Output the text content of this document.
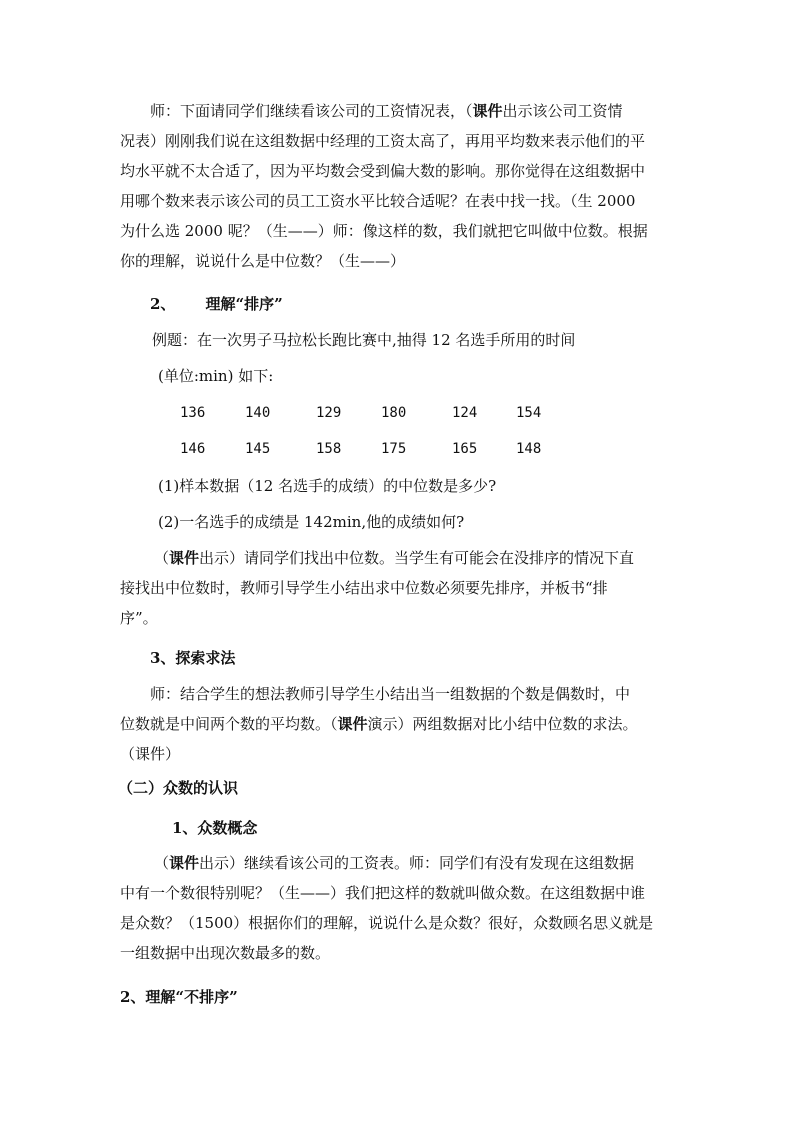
师：下面请同学们继续看该公司的工资情况表，（课件出示该公司工资情
况表）刚刚我们说在这组数据中经理的工资太高了，再用平均数来表示他们的平
均水平就不太合适了，因为平均数会受到偏大数的影响。那你觉得在这组数据中
用哪个数来表示该公司的员工工资水平比较合适呢？在表中找一找。（生 2000
为什么选 2000 呢？（生——）师：像这样的数，我们就把它叫做中位数。根据
你的理解，说说什么是中位数？（生——）
2、 理解“排序”
例题：在一次男子马拉松长跑比赛中,抽得 12 名选手所用的时间
(单位:min) 如下:
136	140	129	180	124	154
146	145	158	175	165	148
(1)样本数据（12 名选手的成绩）的中位数是多少?
(2)一名选手的成绩是 142min,他的成绩如何?
（课件出示）请同学们找出中位数。当学生有可能会在没排序的情况下直
接找出中位数时，教师引导学生小结出求中位数必须要先排序，并板书“排
序”。
3、探索求法
师：结合学生的想法教师引导学生小结出当一组数据的个数是偶数时，中
位数就是中间两个数的平均数。（课件演示）两组数据对比小结中位数的求法。
（课件）
（二）众数的认识
1、众数概念
（课件出示）继续看该公司的工资表。师：同学们有没有发现在这组数据
中有一个数很特别呢？（生——）我们把这样的数就叫做众数。在这组数据中谁
是众数？（1500）根据你们的理解，说说什么是众数？很好，众数顾名思义就是
一组数据中出现次数最多的数。
2、理解“不排序”
